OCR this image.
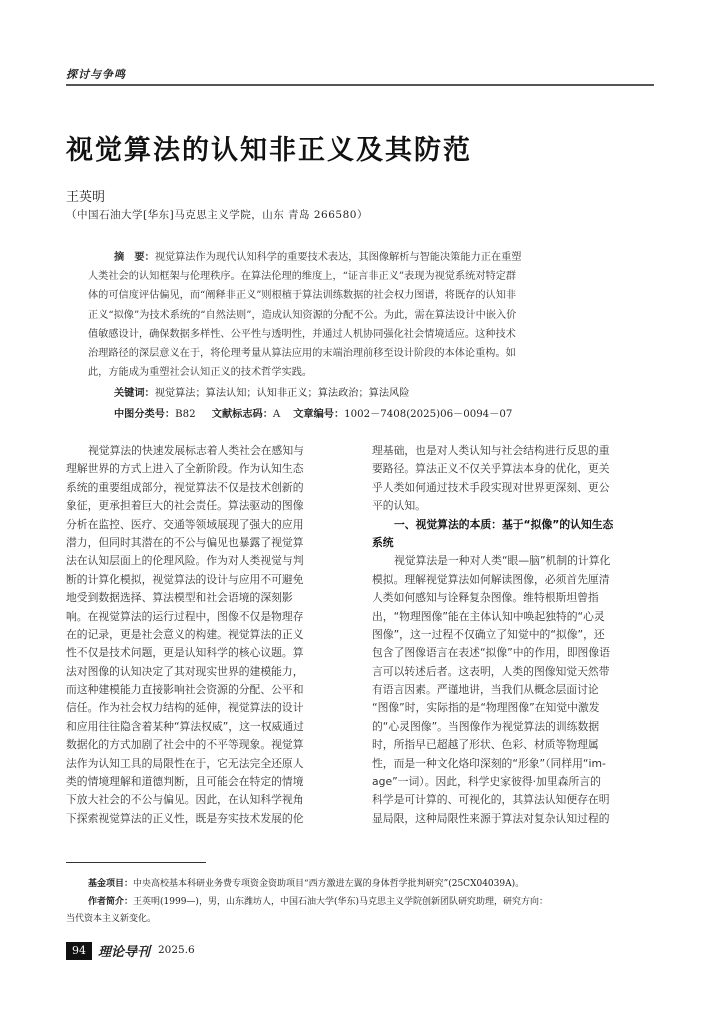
探讨与争鸣
视觉算法的认知非正义及其防范
王英明
（中国石油大学[华东]马克思主义学院，山东 青岛 266580）
摘　要：视觉算法作为现代认知科学的重要技术表达，其图像解析与智能决策能力正在重塑
人类社会的认知框架与伦理秩序。在算法伦理的维度上，“证言非正义”表现为视觉系统对特定群
体的可信度评估偏见，而“阐释非正义”则根植于算法训练数据的社会权力图谱，将既存的认知非
正义“拟像”为技术系统的“自然法则”，造成认知资源的分配不公。为此，需在算法设计中嵌入价
值敏感设计，确保数据多样性、公平性与透明性，并通过人机协同强化社会情境适应。这种技术
治理路径的深层意义在于，将伦理考量从算法应用的末端治理前移至设计阶段的本体论重构。如
此，方能成为重塑社会认知正义的技术哲学实践。
关键词：视觉算法；算法认知；认知非正义；算法政治；算法风险
中图分类号：B82 文献标志码：A 文章编号：1002－7408(2025)06－0094－07
视觉算法的快速发展标志着人类社会在感知与
理解世界的方式上进入了全新阶段。作为认知生态
系统的重要组成部分，视觉算法不仅是技术创新的
象征，更承担着巨大的社会责任。算法驱动的图像
分析在监控、医疗、交通等领域展现了强大的应用
潜力，但同时其潜在的不公与偏见也暴露了视觉算
法在认知层面上的伦理风险。作为对人类视觉与判
断的计算化模拟，视觉算法的设计与应用不可避免
地受到数据选择、算法模型和社会语境的深刻影
响。在视觉算法的运行过程中，图像不仅是物理存
在的记录，更是社会意义的构建。视觉算法的正义
性不仅是技术问题，更是认知科学的核心议题。算
法对图像的认知决定了其对现实世界的建模能力，
而这种建模能力直接影响社会资源的分配、公平和
信任。作为社会权力结构的延伸，视觉算法的设计
和应用往往隐含着某种“算法权威”，这一权威通过
数据化的方式加剧了社会中的不平等现象。视觉算
法作为认知工具的局限性在于，它无法完全还原人
类的情境理解和道德判断，且可能会在特定的情境
下放大社会的不公与偏见。因此，在认知科学视角
下探索视觉算法的正义性，既是夯实技术发展的伦
理基础，也是对人类认知与社会结构进行反思的重
要路径。算法正义不仅关乎算法本身的优化，更关
乎人类如何通过技术手段实现对世界更深刻、更公
平的认知。
一、视觉算法的本质：基于“拟像”的认知生态
系统
视觉算法是一种对人类“眼—脑”机制的计算化
模拟。理解视觉算法如何解读图像，必须首先厘清
人类如何感知与诠释复杂图像。维特根斯坦曾指
出，“物理图像”能在主体认知中唤起独特的“心灵
图像”，这一过程不仅确立了知觉中的“拟像”，还
包含了图像语言在表述“拟像”中的作用，即图像语
言可以转述后者。这表明，人类的图像知觉天然带
有语言因素。严谨地讲，当我们从概念层面讨论
“图像”时，实际指的是“物理图像”在知觉中激发
的“心灵图像”。当图像作为视觉算法的训练数据
时，所指早已超越了形状、色彩、材质等物理属
性，而是一种文化烙印深刻的“形象”（同样用“im-
age”一词）。因此，科学史家彼得·加里森所言的
科学是可计算的、可视化的，其算法认知便存在明
显局限，这种局限性来源于算法对复杂认知过程的
基金项目：中央高校基本科研业务费专项资金资助项目“西方激进左翼的身体哲学批判研究”(25CX04039A)。
作者简介：王英明(1999—)，男，山东潍坊人，中国石油大学(华东)马克思主义学院创新团队研究助理，研究方向：
当代资本主义新变化。
94 理论导刊 2025.6
